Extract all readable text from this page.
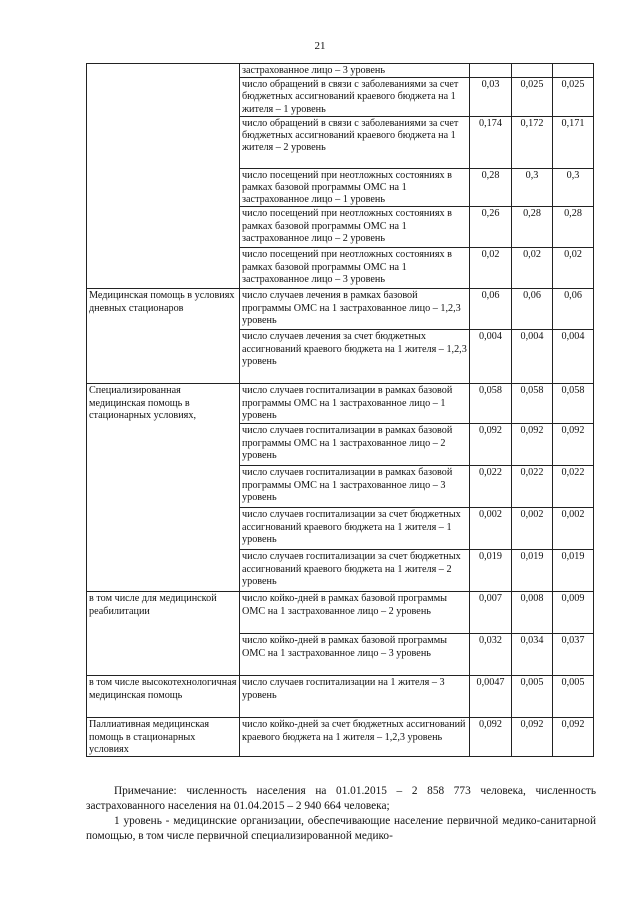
21
	застрахованное лицо – 3 уровень			
	число обращений в связи с заболеваниями за счет бюджетных ассигнований краевого бюджета на 1 жителя – 1 уровень	0,03	0,025	0,025
	число обращений в связи с заболеваниями за счет бюджетных ассигнований краевого бюджета на 1 жителя – 2 уровень	0,174	0,172	0,171
	число посещений при неотложных состояниях в рамках базовой программы ОМС на 1 застрахованное лицо – 1 уровень	0,28	0,3	0,3
	число посещений при неотложных состояниях в рамках базовой программы ОМС на 1 застрахованное лицо – 2 уровень	0,26	0,28	0,28
	число посещений при неотложных состояниях в рамках базовой программы ОМС на 1 застрахованное лицо – 3 уровень	0,02	0,02	0,02
Медицинская помощь в условиях дневных стационаров	число случаев лечения в рамках базовой программы ОМС на 1 застрахованное лицо – 1,2,3 уровень	0,06	0,06	0,06
	число случаев лечения за счет бюджетных ассигнований краевого бюджета на 1 жителя – 1,2,3 уровень	0,004	0,004	0,004
Специализированная медицинская помощь в стационарных условиях,	число случаев госпитализации в рамках базовой программы ОМС на 1 застрахованное лицо – 1 уровень	0,058	0,058	0,058
	число случаев госпитализации в рамках базовой программы ОМС на 1 застрахованное лицо – 2 уровень	0,092	0,092	0,092
	число случаев госпитализации в рамках базовой программы ОМС на 1 застрахованное лицо – 3 уровень	0,022	0,022	0,022
	число случаев госпитализации за счет бюджетных ассигнований краевого бюджета на 1 жителя – 1 уровень	0,002	0,002	0,002
	число случаев госпитализации за счет бюджетных ассигнований краевого бюджета на 1 жителя – 2 уровень	0,019	0,019	0,019
в том числе для медицинской реабилитации	число койко-дней в рамках базовой программы ОМС на 1 застрахованное лицо – 2 уровень	0,007	0,008	0,009
	число койко-дней в рамках базовой программы ОМС на 1 застрахованное лицо – 3 уровень	0,032	0,034	0,037
в том числе высокотехнологичная медицинская помощь	число случаев госпитализации на 1 жителя – 3 уровень	0,0047	0,005	0,005
Паллиативная медицинская помощь в стационарных условиях	число койко-дней за счет бюджетных ассигнований краевого бюджета на 1 жителя – 1,2,3 уровень	0,092	0,092	0,092

Примечание: численность населения на 01.01.2015 – 2 858 773 человека, численность застрахованного населения на 01.04.2015 – 2 940 664 человека;

1 уровень - медицинские организации, обеспечивающие население первичной медико-санитарной помощью, в том числе первичной специализированной медико-
